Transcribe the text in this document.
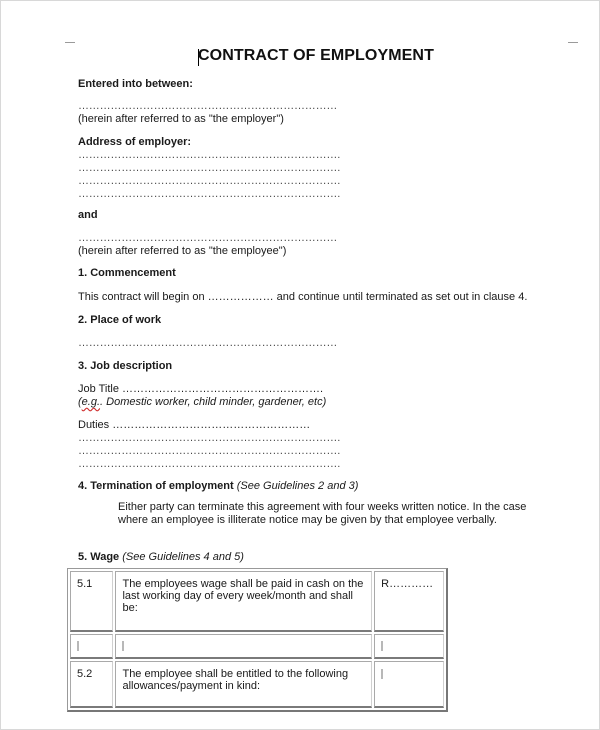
CONTRACT OF EMPLOYMENT
Entered into between:
………………………………………………………………
(herein after referred to as "the employer")
Address of employer:
……………………………………………………………….
……………………………………………………………….
……………………………………………………………….
……………………………………………………………….
and
………………………………………………………………
(herein after referred to as "the employee")
1. Commencement
This contract will begin on ……………… and continue until terminated as set out in clause 4.
2. Place of work
………………………………………………………………
3. Job description
Job Title ……………………………………………….
(e.g.. Domestic worker, child minder, gardener, etc)
Duties ………………………………………………
……………………………………………………………….
……………………………………………………………….
……………………………………………………………….
4. Termination of employment (See Guidelines 2 and 3)
Either party can terminate this agreement with four weeks written notice. In the case where an employee is illiterate notice may be given by that employee verbally.
5. Wage (See Guidelines 4 and 5)
5.1	The employees wage shall be paid in cash on the last working day of every week/month and shall be:	R…………

5.2	The employee shall be entitled to the following allowances/payment in kind:	
